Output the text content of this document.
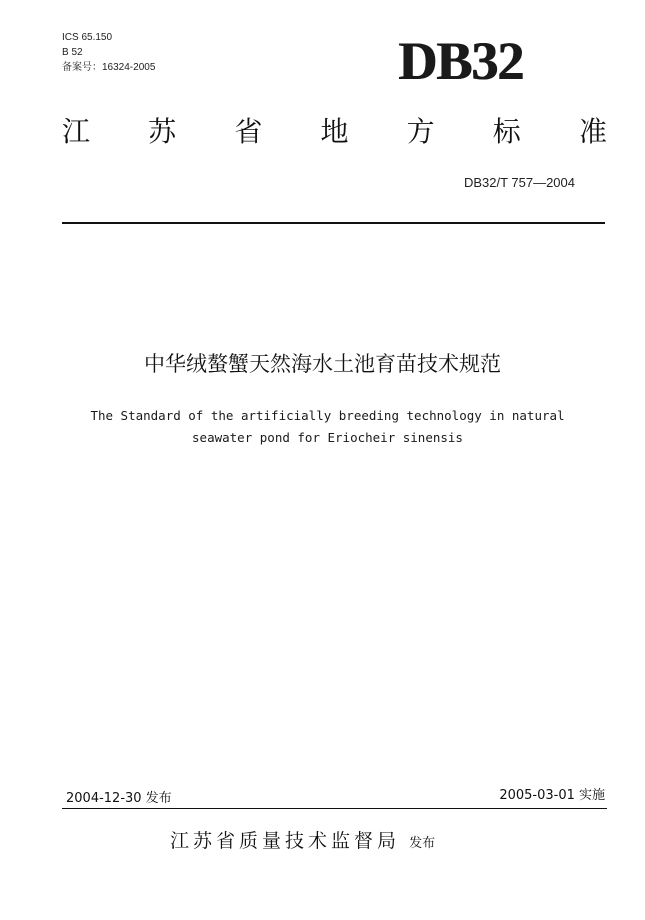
ICS 65.150
B 52
备案号：16324-2005	DB32
江 苏 省 地 方 标 准
DB32/T 757—2004
中华绒螯蟹天然海水土池育苗技术规范
The Standard of the artificially breeding technology in natural
seawater pond for Eriocheir sinensis
2004-12-30 发布	2005-03-01 实施
江苏省质量技术监督局 发布
